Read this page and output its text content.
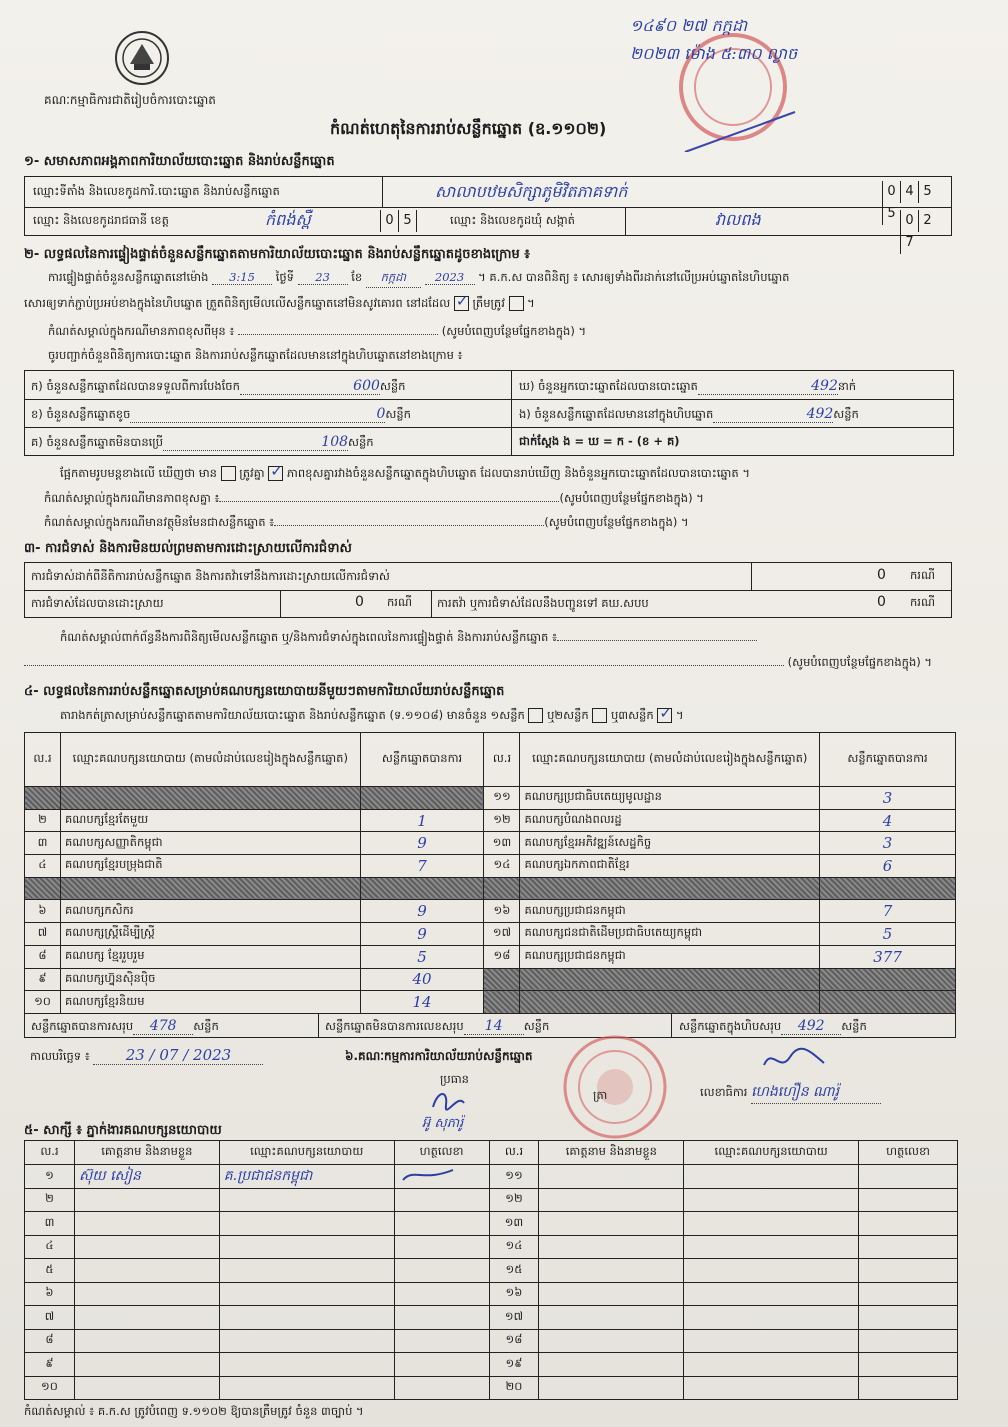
គណៈកម្មាធិការជាតិរៀបចំការបោះឆ្នោត
១៤៩០ ២៧ កក្កដា ២០២៣ ម៉ោង ៥:៣០ ល្ងាច
កំណត់ហេតុនៃការរាប់សន្លឹកឆ្នោត (ឧ.១១០២)
១- សមាសភាពអង្គភាពការិយាល័យបោះឆ្នោត និងរាប់សន្លឹកឆ្នោត
ឈ្មោះទីតាំង និងលេខកូដការិ.បោះឆ្នោត និងរាប់សន្លឹកឆ្នោត	សាលាបឋមសិក្សាភូមិវិតភាគទាក់	0 4 55
ឈ្មោះ និងលេខកូដរាជធានី ខេត្ត	កំពង់ស្ពឺ	0 5	ឈ្មោះ និងលេខកូដឃុំ សង្កាត់	វាលពង	0 27
២- លទ្ធផលនៃការផ្ទៀងផ្ទាត់ចំនួនសន្លឹកឆ្នោតតាមការិយាល័យបោះឆ្នោត និងរាប់សន្លឹកឆ្នោតដូចខាងក្រោម ៖
ការផ្ទៀងផ្ទាត់ចំនួនសន្លឹកឆ្នោតនៅម៉ោង 3:15 ថ្ងៃទី 23 ខែ កក្កដា 2023 ។ គ.ក.ស បានពិនិត្យ ៖ សោរឲ្យទាំងពីរដាក់នៅលើប្រអប់ឆ្នោតនៃហិបឆ្នោត
សោរឲ្យទាក់ភ្ជាប់ប្រអប់ខាងក្នុងនៃហិបឆ្នោត ត្រួតពិនិត្យមើលលើសន្លឹកឆ្នោតនៅមិនសូវគោរព នៅដដែល ✓ ត្រឹមត្រូវ  ។
កំណត់សម្គាល់ក្នុងករណីមានភាពខុសពីមុន ៖	(សូមបំពេញបន្ថែមផ្នែកខាងក្នុង) ។
ចូរបញ្ជាក់ចំនួនពិនិត្យការបោះឆ្នោត និងការរាប់សន្លឹកឆ្នោតដែលមាននៅក្នុងហិបឆ្នោតនៅខាងក្រោម ៖
ក) ចំនួនសន្លឹកឆ្នោតដែលបានទទួលពីការបែងចែក	600សន្លឹក
ខ) ចំនួនសន្លឹកឆ្នោតខូច	0សន្លឹក
គ) ចំនួនសន្លឹកឆ្នោតមិនបានប្រើ	108សន្លឹក
ឃ) ចំនួនអ្នកបោះឆ្នោតដែលបានបោះឆ្នោត	492នាក់
ង) ចំនួនសន្លឹកឆ្នោតដែលមាននៅក្នុងហិបឆ្នោត	492សន្លឹក
ជាក់ស្តែង ង = ឃ = ក - (ខ + គ)
ផ្អែកតាមរូបមន្តខាងលើ ឃើញថា មាន ត្រូវគ្នា ✓ ភាពខុសគ្នារវាងចំនួនសន្លឹកឆ្នោតក្នុងហិបឆ្នោត ដែលបានរាប់ឃើញ និងចំនួនអ្នកបោះឆ្នោតដែលបានបោះឆ្នោត ។
កំណត់សម្គាល់ក្នុងករណីមានភាពខុសគ្នា ៖	(សូមបំពេញបន្ថែមផ្នែកខាងក្នុង) ។
កំណត់សម្គាល់ក្នុងករណីមានវត្ថុមិនមែនជាសន្លឹកឆ្នោត ៖	(សូមបំពេញបន្ថែមផ្នែកខាងក្នុង) ។
៣- ការជំទាស់ និងការមិនយល់ព្រមតាមការដោះស្រាយលើការជំទាស់
ការជំទាស់ដាក់ពីនីតិការរាប់សន្លឹកឆ្នោត និងការតវ៉ាទៅនឹងការដោះស្រាយលើការជំទាស់	0 ករណី
ការជំទាស់ដែលបានដោះស្រាយ	0 ករណី ការតវ៉ា ឬការជំទាស់ដែលនឹងបញ្ជូនទៅ គឃ.សបប	0 ករណី
កំណត់សម្គាល់ពាក់ព័ន្ធនឹងការពិនិត្យមើលសន្លឹកឆ្នោត ឬ/និងការជំទាស់ក្នុងពេលនៃការផ្ទៀងផ្ទាត់ និងការរាប់សន្លឹកឆ្នោត ៖
(សូមបំពេញបន្ថែមផ្នែកខាងក្នុង) ។
៤- លទ្ធផលនៃការរាប់សន្លឹកឆ្នោតសម្រាប់គណបក្សនយោបាយនីមួយៗតាមការិយាល័យរាប់សន្លឹកឆ្នោត
តារាងកត់ត្រាសម្រាប់សន្លឹកឆ្នោតតាមការិយាល័យបោះឆ្នោត និងរាប់សន្លឹកឆ្នោត (ទ.១១០៨) មានចំនួន ១សន្លឹក ឬ២សន្លឹក ឬ៣សន្លឹក ✓ ។
ល.រ	ឈ្មោះគណបក្សនយោបាយ (តាមលំដាប់លេខរៀងក្នុងសន្លឹកឆ្នោត)	សន្លឹកឆ្នោតបានការ	ល.រ	ឈ្មោះគណបក្សនយោបាយ (តាមលំដាប់លេខរៀងក្នុងសន្លឹកឆ្នោត)	សន្លឹកឆ្នោតបានការ
			១១	គណបក្សប្រជាធិបតេយ្យមូលដ្ឋាន	3
២	គណបក្សខ្មែរតែមួយ	1	១២	គណបក្សបំណងពលរដ្ឋ	4
៣	គណបក្សសញ្ញាតិកម្ពុជា	9	១៣	គណបក្សខ្មែរអភិវឌ្ឍន៍សេដ្ឋកិច្ច	3
៤	គណបក្សខ្មែរបម្រុងជាតិ	7	១៤	គណបក្សឯកភាពជាតិខ្មែរ	6

៦	គណបក្សកសិករ	9	១៦	គណបក្សប្រជាជនកម្ពុជា	7
៧	គណបក្សស្ត្រីដើម្បីស្ត្រី	9	១៧	គណបក្សជនជាតិដើមប្រជាធិបតេយ្យកម្ពុជា	5
៨	គណបក្ស ខ្មែររួបរួម	5	១៨	គណបក្សប្រជាជនកម្ពុជា	377
៩	គណបក្សហ្វ៊ុនស៊ិនប៉ិច	40			
១០	គណបក្សខ្មែរនិយម	14			
សន្លឹកឆ្នោតបានការសរុប 478 សន្លឹក	សន្លឹកឆ្នោតមិនបានការលេខសរុប 14 សន្លឹក	សន្លឹកឆ្នោតក្នុងហិបសរុប 492 សន្លឹក
កាលបរិច្ឆេទ ៖ 23 / 07 / 2023	៦.គណៈកម្មការការិយាល័យរាប់សន្លឹកឆ្នោត
ប្រធាន
អ៊ូ សុភារ៉ូ
ត្រា	លេខាធិការ ហេងហឿន ណារ៉ូ
៥- សាក្សី ៖ ភ្នាក់ងារគណបក្សនយោបាយ
ល.រ	គោត្តនាម និងនាមខ្លួន	ឈ្មោះគណបក្សនយោបាយ	ហត្ថលេខា	ល.រ	គោត្តនាម និងនាមខ្លួន	ឈ្មោះគណបក្សនយោបាយ	ហត្ថលេខា
១	ស៊ុយ សៀន	គ.ប្រជាជនកម្ពុជា		១១			
២				១២			
៣				១៣			
៤				១៤			
៥				១៥			
៦				១៦			
៧				១៧			
៨				១៨			
៩				១៩			
១០				២០			
កំណត់សម្គាល់ ៖ គ.ក.ស ត្រូវបំពេញ ទ.១១០២ ឱ្យបានត្រឹមត្រូវ ចំនួន ៣ច្បាប់ ។
